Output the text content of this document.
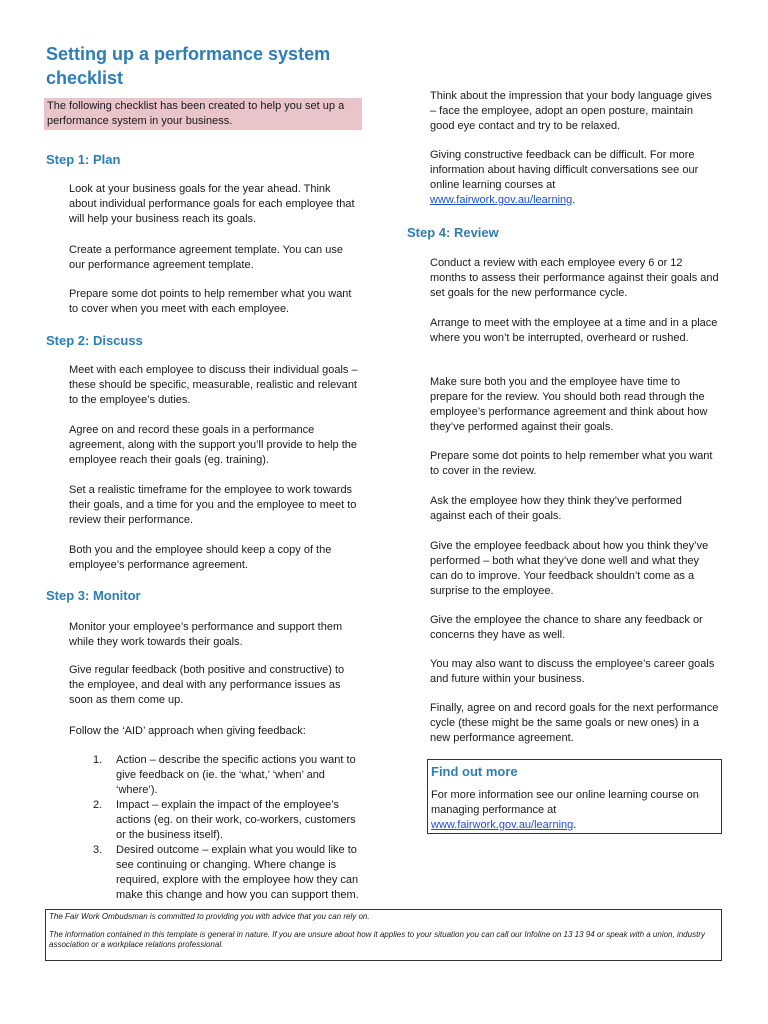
Setting up a performance system checklist
The following checklist has been created to help you set up a performance system in your business.
Step 1: Plan
Look at your business goals for the year ahead. Think about individual performance goals for each employee that will help your business reach its goals.
Create a performance agreement template. You can use our performance agreement template.
Prepare some dot points to help remember what you want to cover when you meet with each employee.
Step 2: Discuss
Meet with each employee to discuss their individual goals – these should be specific, measurable, realistic and relevant to the employee’s duties.
Agree on and record these goals in a performance agreement, along with the support you’ll provide to help the employee reach their goals (eg. training).
Set a realistic timeframe for the employee to work towards their goals, and a time for you and the employee to meet to review their performance.
Both you and the employee should keep a copy of the employee’s performance agreement.
Step 3: Monitor
Monitor your employee’s performance and support them while they work towards their goals.
Give regular feedback (both positive and constructive) to the employee, and deal with any performance issues as soon as them come up.
Follow the ‘AID’ approach when giving feedback:
1. Action – describe the specific actions you want to give feedback on (ie. the ‘what,’ ‘when’ and ‘where’).
2. Impact – explain the impact of the employee’s actions (eg. on their work, co-workers, customers or the business itself).
3. Desired outcome – explain what you would like to see continuing or changing. Where change is required, explore with the employee how they can make this change and how you can support them.
Think about the impression that your body language gives – face the employee, adopt an open posture, maintain good eye contact and try to be relaxed.
Giving constructive feedback can be difficult. For more information about having difficult conversations see our online learning courses at
www.fairwork.gov.au/learning.
Step 4: Review
Conduct a review with each employee every 6 or 12 months to assess their performance against their goals and set goals for the new performance cycle.
Arrange to meet with the employee at a time and in a place where you won’t be interrupted, overheard or rushed.
Make sure both you and the employee have time to prepare for the review. You should both read through the employee’s performance agreement and think about how they’ve performed against their goals.
Prepare some dot points to help remember what you want to cover in the review.
Ask the employee how they think they’ve performed against each of their goals.
Give the employee feedback about how you think they’ve performed – both what they’ve done well and what they can do to improve. Your feedback shouldn’t come as a surprise to the employee.
Give the employee the chance to share any feedback or concerns they have as well.
You may also want to discuss the employee’s career goals and future within your business.
Finally, agree on and record goals for the next performance cycle (these might be the same goals or new ones) in a new performance agreement.
Find out more
For more information see our online learning course on managing performance at
www.fairwork.gov.au/learning.

The Fair Work Ombudsman is committed to providing you with advice that you can rely on.

The information contained in this template is general in nature. If you are unsure about how it applies to your situation you can call our Infoline on 13 13 94 or speak with a union, industry association or a workplace relations professional.
